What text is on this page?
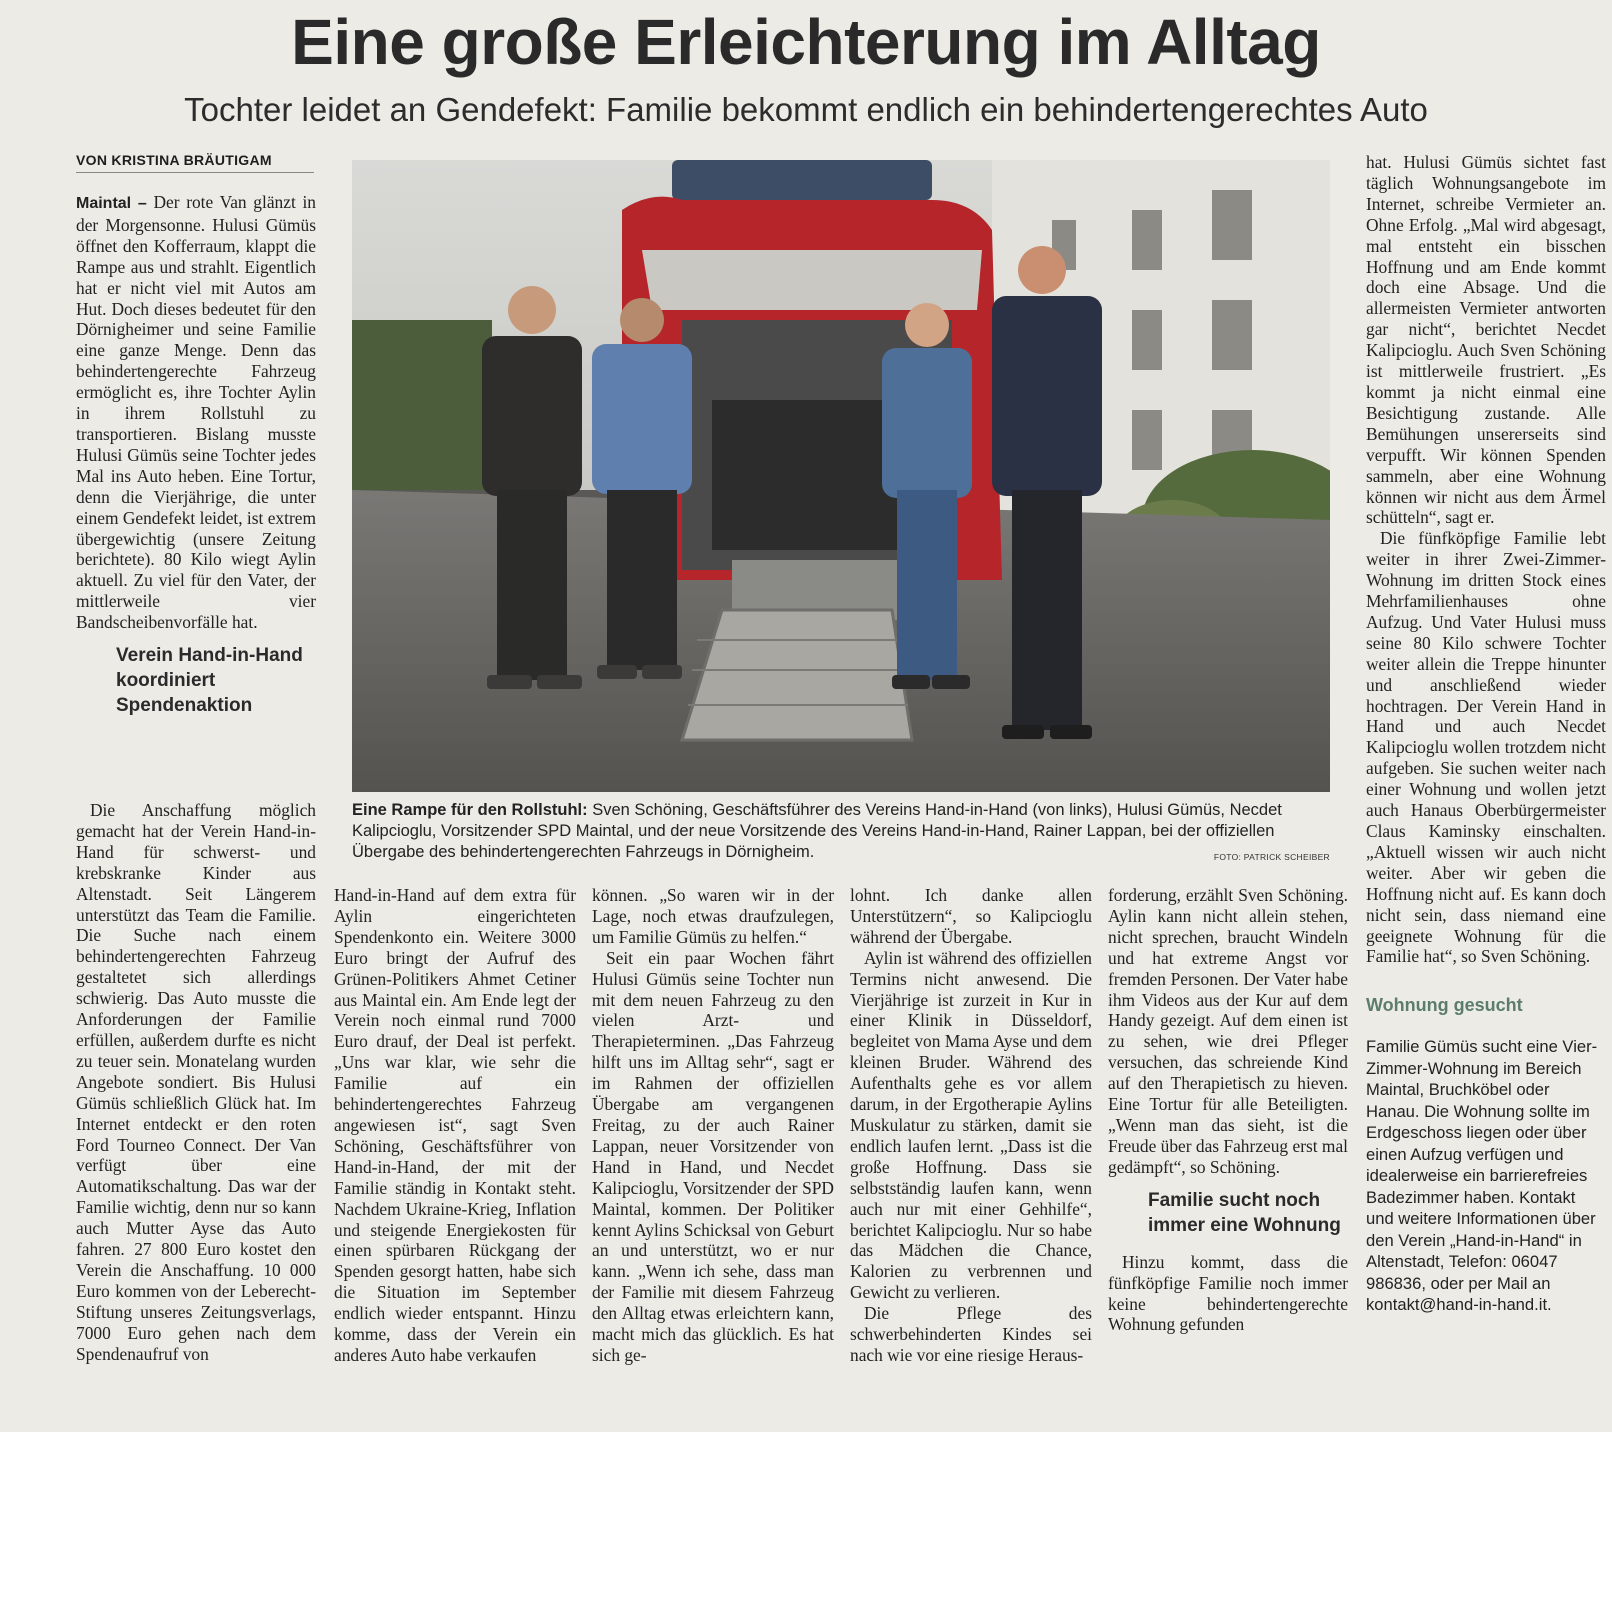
Eine große Erleichterung im Alltag
Tochter leidet an Gendefekt: Familie bekommt endlich ein behindertengerechtes Auto
VON KRISTINA BRÄUTIGAM

Maintal – Der rote Van glänzt in der Morgensonne. Hulusi Gümüs öffnet den Kofferraum, klappt die Rampe aus und strahlt. Eigentlich hat er nicht viel mit Autos am Hut. Doch dieses bedeutet für den Dörnigheimer und seine Familie eine ganze Menge. Denn das behindertengerechte Fahrzeug ermöglicht es, ihre Tochter Aylin in ihrem Rollstuhl zu transportieren. Bislang musste Hulusi Gümüs seine Tochter jedes Mal ins Auto heben. Eine Tortur, denn die Vierjährige, die unter einem Gendefekt leidet, ist extrem übergewichtig (unsere Zeitung berichtete). 80 Kilo wiegt Aylin aktuell. Zu viel für den Vater, der mittlerweile vier Bandscheibenvorfälle hat.

Verein Hand-in-Hand koordiniert Spendenaktion

Die Anschaffung möglich gemacht hat der Verein Hand-in-Hand für schwerst- und krebskranke Kinder aus Altenstadt. Seit Längerem unterstützt das Team die Familie. Die Suche nach einem behindertengerechten Fahrzeug gestaltetet sich allerdings schwierig. Das Auto musste die Anforderungen der Familie erfüllen, außerdem durfte es nicht zu teuer sein. Monatelang wurden Angebote sondiert. Bis Hulusi Gümüs schließlich Glück hat. Im Internet entdeckt er den roten Ford Tourneo Connect. Der Van verfügt über eine Automatikschaltung. Das war der Familie wichtig, denn nur so kann auch Mutter Ayse das Auto fahren. 27 800 Euro kostet den Verein die Anschaffung. 10 000 Euro kommen von der Leberecht-Stiftung unseres Zeitungsverlags, 7000 Euro gehen nach dem Spendenaufruf von

Eine Rampe für den Rollstuhl: Sven Schöning, Geschäftsführer des Vereins Hand-in-Hand (von links), Hulusi Gümüs, Necdet Kalipcioglu, Vorsitzender SPD Maintal, und der neue Vorsitzende des Vereins Hand-in-Hand, Rainer Lappan, bei der offiziellen Übergabe des behindertengerechten Fahrzeugs in Dörnigheim.	FOTO: PATRICK SCHEIBER

Hand-in-Hand auf dem extra für Aylin eingerichteten Spendenkonto ein. Weitere 3000 Euro bringt der Aufruf des Grünen-Politikers Ahmet Cetiner aus Maintal ein. Am Ende legt der Verein noch einmal rund 7000 Euro drauf, der Deal ist perfekt. „Uns war klar, wie sehr die Familie auf ein behindertengerechtes Fahrzeug angewiesen ist“, sagt Sven Schöning, Geschäftsführer von Hand-in-Hand, der mit der Familie ständig in Kontakt steht. Nachdem Ukraine-Krieg, Inflation und steigende Energiekosten für einen spürbaren Rückgang der Spenden gesorgt hatten, habe sich die Situation im September endlich wieder entspannt. Hinzu komme, dass der Verein ein anderes Auto habe verkaufen

können. „So waren wir in der Lage, noch etwas draufzulegen, um Familie Gümüs zu helfen.“

Seit ein paar Wochen fährt Hulusi Gümüs seine Tochter nun mit dem neuen Fahrzeug zu den vielen Arzt- und Therapieterminen. „Das Fahrzeug hilft uns im Alltag sehr“, sagt er im Rahmen der offiziellen Übergabe am vergangenen Freitag, zu der auch Rainer Lappan, neuer Vorsitzender von Hand in Hand, und Necdet Kalipcioglu, Vorsitzender der SPD Maintal, kommen. Der Politiker kennt Aylins Schicksal von Geburt an und unterstützt, wo er nur kann. „Wenn ich sehe, dass man der Familie mit diesem Fahrzeug den Alltag etwas erleichtern kann, macht mich das glücklich. Es hat sich ge-

lohnt. Ich danke allen Unterstützern“, so Kalipcioglu während der Übergabe.

Aylin ist während des offiziellen Termins nicht anwesend. Die Vierjährige ist zurzeit in Kur in einer Klinik in Düsseldorf, begleitet von Mama Ayse und dem kleinen Bruder. Während des Aufenthalts gehe es vor allem darum, in der Ergotherapie Aylins Muskulatur zu stärken, damit sie endlich laufen lernt. „Dass ist die große Hoffnung. Dass sie selbstständig laufen kann, wenn auch nur mit einer Gehhilfe“, berichtet Kalipcioglu. Nur so habe das Mädchen die Chance, Kalorien zu verbrennen und Gewicht zu verlieren.

Die Pflege des schwerbehinderten Kindes sei nach wie vor eine riesige Heraus-

forderung, erzählt Sven Schöning. Aylin kann nicht allein stehen, nicht sprechen, braucht Windeln und hat extreme Angst vor fremden Personen. Der Vater habe ihm Videos aus der Kur auf dem Handy gezeigt. Auf dem einen ist zu sehen, wie drei Pfleger versuchen, das schreiende Kind auf den Therapietisch zu hieven. Eine Tortur für alle Beteiligten. „Wenn man das sieht, ist die Freude über das Fahrzeug erst mal gedämpft“, so Schöning.

Familie sucht noch immer eine Wohnung

Hinzu kommt, dass die fünfköpfige Familie noch immer keine behindertengerechte Wohnung gefunden

hat. Hulusi Gümüs sichtet fast täglich Wohnungsangebote im Internet, schreibe Vermieter an. Ohne Erfolg. „Mal wird abgesagt, mal entsteht ein bisschen Hoffnung und am Ende kommt doch eine Absage. Und die allermeisten Vermieter antworten gar nicht“, berichtet Necdet Kalipcioglu. Auch Sven Schöning ist mittlerweile frustriert. „Es kommt ja nicht einmal eine Besichtigung zustande. Alle Bemühungen unsererseits sind verpufft. Wir können Spenden sammeln, aber eine Wohnung können wir nicht aus dem Ärmel schütteln“, sagt er.

Die fünfköpfige Familie lebt weiter in ihrer Zwei-Zimmer-Wohnung im dritten Stock eines Mehrfamilienhauses ohne Aufzug. Und Vater Hulusi muss seine 80 Kilo schwere Tochter weiter allein die Treppe hinunter und anschließend wieder hochtragen. Der Verein Hand in Hand und auch Necdet Kalipcioglu wollen trotzdem nicht aufgeben. Sie suchen weiter nach einer Wohnung und wollen jetzt auch Hanaus Oberbürgermeister Claus Kaminsky einschalten. „Aktuell wissen wir auch nicht weiter. Aber wir geben die Hoffnung nicht auf. Es kann doch nicht sein, dass niemand eine geeignete Wohnung für die Familie hat“, so Sven Schöning.

Wohnung gesucht
Familie Gümüs sucht eine Vier-Zimmer-Wohnung im Bereich Maintal, Bruchköbel oder Hanau. Die Wohnung sollte im Erdgeschoss liegen oder über einen Aufzug verfügen und idealerweise ein barrierefreies Badezimmer haben. Kontakt und weitere Informationen über den Verein „Hand-in-Hand“ in Altenstadt, Telefon: 06047 986836, oder per Mail an kontakt@hand-in-hand.it.
